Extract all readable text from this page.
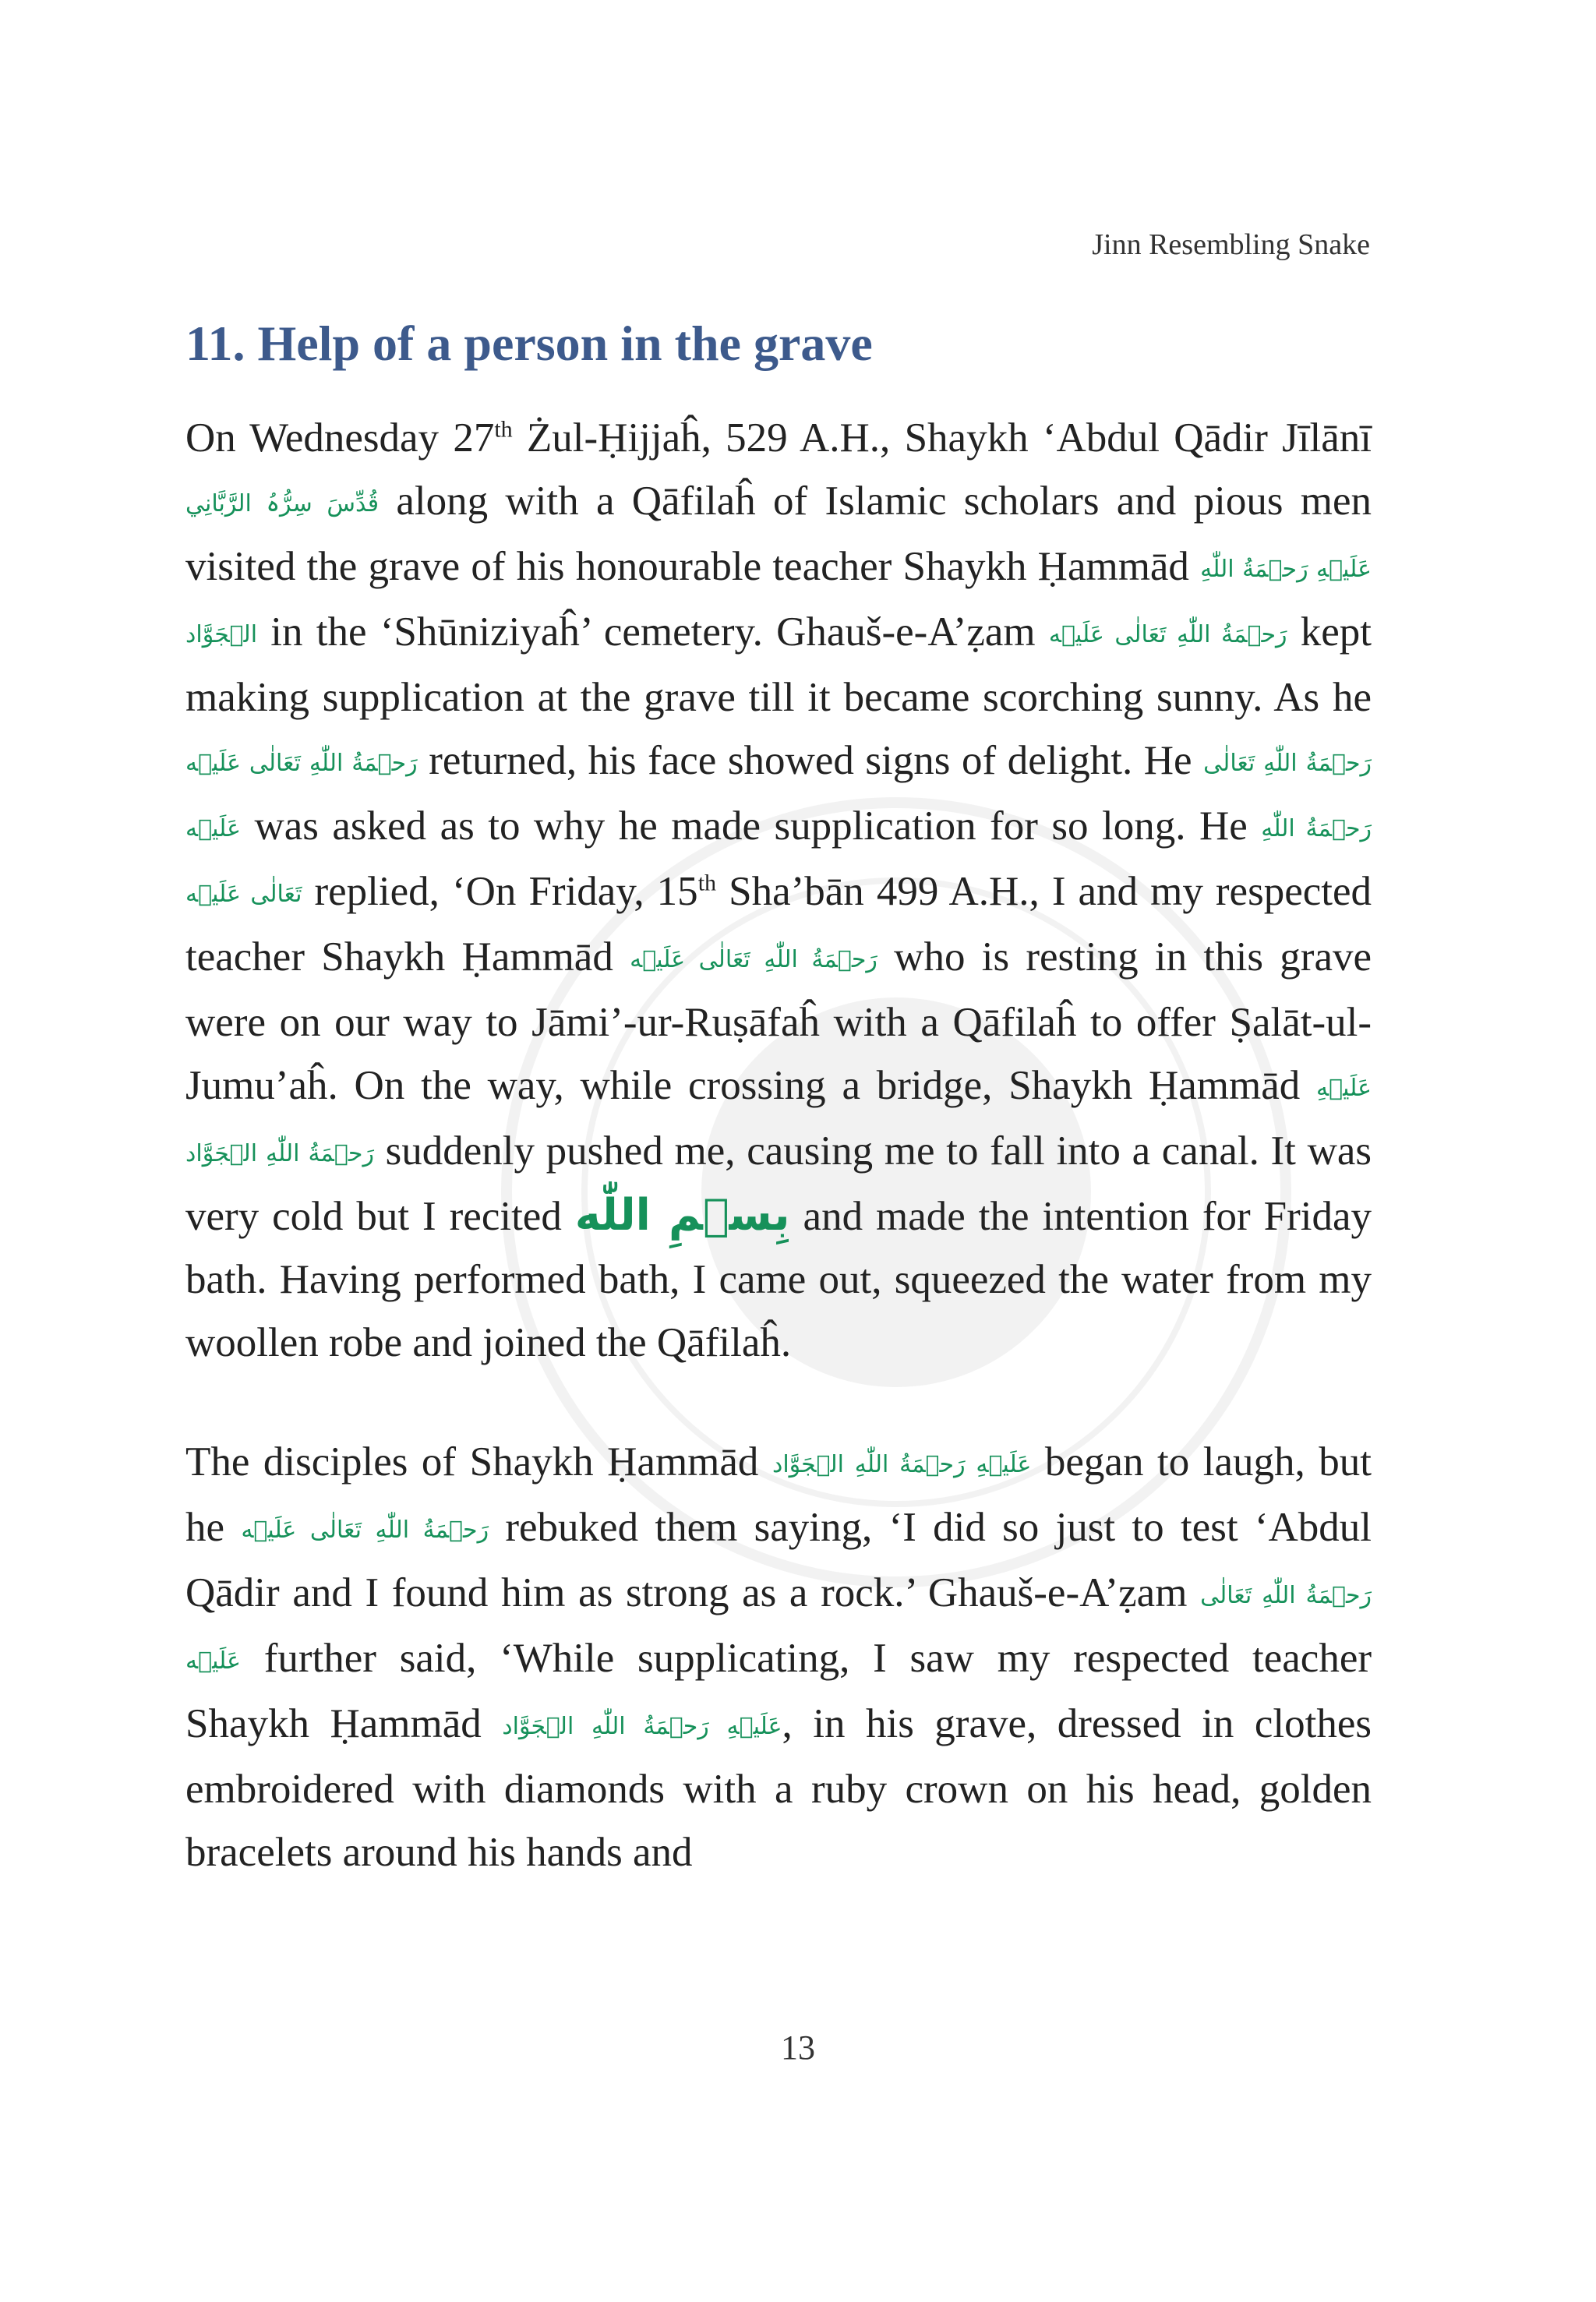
Jinn Resembling Snake
11. Help of a person in the grave

On Wednesday 27th Żul-Ḥijjaĥ, 529 A.H., Shaykh ‘Abdul Qādir Jīlānī قُدِّسَ سِرُّہُ الرَّبَّانِي along with a Qāfilaĥ of Islamic scholars and pious men visited the grave of his honourable teacher Shaykh Ḥammād عَلَيۡهِ رَحۡمَةُ اللّٰهِ الۡجَوَّاد in the ‘Shūniziyaĥ’ cemetery. Ghauš-e-A’ẓam رَحۡمَةُ اللّٰهِ تَعَالٰی عَلَيۡه kept making supplication at the grave till it became scorching sunny. As he رَحۡمَةُ اللّٰهِ تَعَالٰی عَلَيۡه returned, his face showed signs of delight. He رَحۡمَةُ اللّٰهِ تَعَالٰی عَلَيۡه was asked as to why he made supplication for so long. He رَحۡمَةُ اللّٰهِ تَعَالٰی عَلَيۡه replied, ‘On Friday, 15th Sha’bān 499 A.H., I and my respected teacher Shaykh Ḥammād رَحۡمَةُ اللّٰهِ تَعَالٰی عَلَيۡه who is resting in this grave were on our way to Jāmi’-ur-Ruṣāfaĥ with a Qāfilaĥ to offer Ṣalāt-ul-Jumu’aĥ. On the way, while crossing a bridge, Shaykh Ḥammād عَلَيۡهِ رَحۡمَةُ اللّٰهِ الۡجَوَّاد suddenly pushed me, causing me to fall into a canal. It was very cold but I recited بِسۡمِ اللّٰه and made the intention for Friday bath. Having performed bath, I came out, squeezed the water from my woollen robe and joined the Qāfilaĥ.

The disciples of Shaykh Ḥammād عَلَيۡهِ رَحۡمَةُ اللّٰهِ الۡجَوَّاد began to laugh, but he رَحۡمَةُ اللّٰهِ تَعَالٰی عَلَيۡه rebuked them saying, ‘I did so just to test ‘Abdul Qādir and I found him as strong as a rock.’ Ghauš-e-A’ẓam رَحۡمَةُ اللّٰهِ تَعَالٰی عَلَيۡه further said, ‘While supplicating, I saw my respected teacher Shaykh Ḥammād عَلَيۡهِ رَحۡمَةُ اللّٰهِ الۡجَوَّاد, in his grave, dressed in clothes embroidered with diamonds with a ruby crown on his head, golden bracelets around his hands and

13
